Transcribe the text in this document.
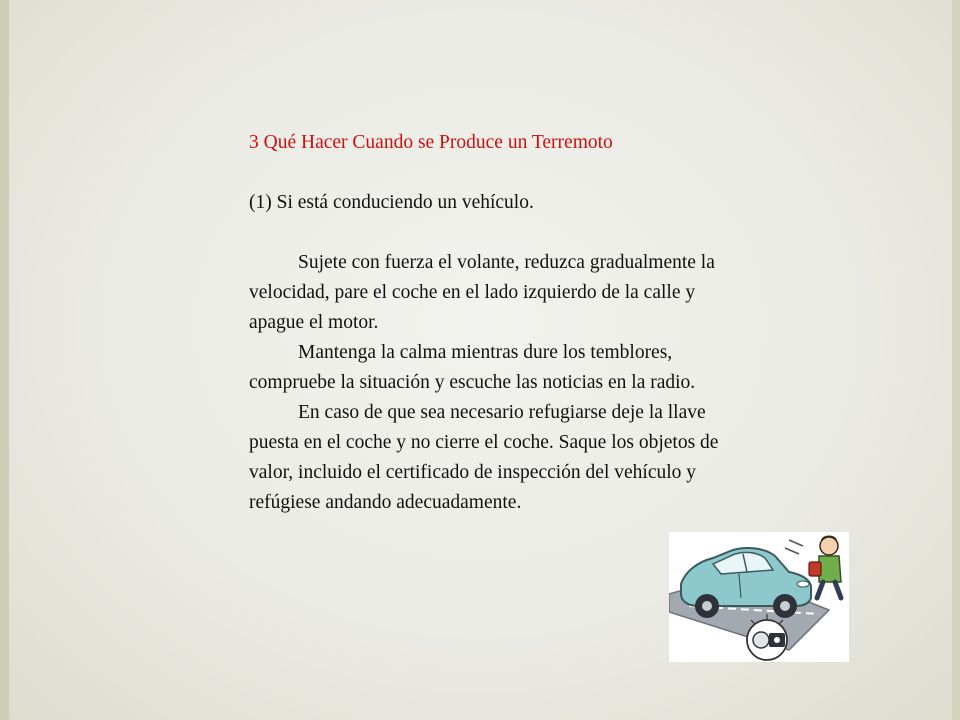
3 Qué Hacer Cuando se Produce un Terremoto

(1) Si está conduciendo un vehículo.

Sujete con fuerza el volante, reduzca gradualmente la velocidad, pare el coche en el lado izquierdo de la calle y apague el motor.

Mantenga la calma mientras dure los temblores, compruebe la situación y escuche las noticias en la radio.

En caso de que sea necesario refugiarse deje la llave puesta en el coche y no cierre el coche. Saque los objetos de valor, incluido el certificado de inspección del vehículo y refúgiese andando adecuadamente.
